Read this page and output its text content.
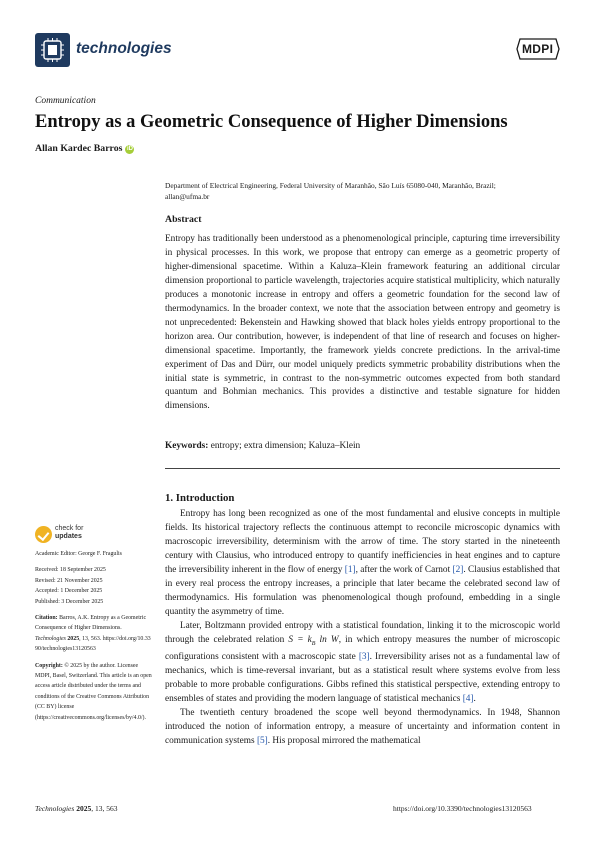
technologies	MDPI
Communication
Entropy as a Geometric Consequence of Higher Dimensions
Allan Kardec Barros iD
Department of Electrical Engineering, Federal University of Maranhão, São Luís 65080-040, Maranhão, Brazil;
allan@ufma.br
Abstract
Entropy has traditionally been understood as a phenomenological principle, capturing time irreversibility in physical processes. In this work, we propose that entropy can emerge as a geometric property of higher-dimensional spacetime. Within a Kaluza–Klein framework featuring an additional circular dimension proportional to particle wavelength, trajectories acquire statistical multiplicity, which naturally produces a monotonic increase in entropy and offers a geometric foundation for the second law of thermodynamics. In the broader context, we note that the association between entropy and geometry is not unprecedented: Bekenstein and Hawking showed that black holes yields entropy proportional to the horizon area. Our contribution, however, is independent of that line of research and focuses on higher-dimensional spacetime. Importantly, the framework yields concrete predictions. In the arrival-time experiment of Das and Dürr, our model uniquely predicts symmetric probability distributions when the initial state is symmetric, in contrast to the non-symmetric outcomes expected from both standard quantum and Bohmian mechanics. This provides a distinctive and testable signature for hidden dimensions.
Keywords: entropy; extra dimension; Kaluza–Klein
1. Introduction

Entropy has long been recognized as one of the most fundamental and elusive concepts in multiple fields. Its historical trajectory reflects the continuous attempt to reconcile microscopic dynamics with macroscopic irreversibility, determinism with the arrow of time. The story started in the nineteenth century with Clausius, who introduced entropy to quantify inefficiencies in heat engines and to capture the irreversibility inherent in the flow of energy [1], after the work of Carnot [2]. Clausius established that in every real process the entropy increases, a principle that later became the celebrated second law of thermodynamics. His formulation was phenomenological though profound, embedding in a single quantity the asymmetry of time.

Later, Boltzmann provided entropy with a statistical foundation, linking it to the microscopic world through the celebrated relation $S = k_B$ ln W, in which entropy measures the number of microscopic configurations consistent with a macroscopic state [3]. Irreversibility arises not as a fundamental law of mechanics, which is time-reversal invariant, but as a statistical result where systems evolve from less probable to more probable configurations. Gibbs refined this statistical perspective, extending entropy to ensembles of states and providing the modern language of statistical mechanics [4].

The twentieth century broadened the scope well beyond thermodynamics. In 1948, Shannon introduced the notion of information entropy, a measure of uncertainty and information content in communication systems [5]. His proposal mirrored the mathematical

check for
updates
Academic Editor: George F. Fragulis
Received: 18 September 2025
Revised: 21 November 2025
Accepted: 1 December 2025
Published: 3 December 2025
Citation: Barros, A.K. Entropy as a Geometric Consequence of Higher Dimensions. Technologies 2025, 13, 563. https://doi.org/10.3390/technologies13120563
Copyright: © 2025 by the author. Licensee MDPI, Basel, Switzerland. This article is an open access article distributed under the terms and conditions of the Creative Commons Attribution (CC BY) license (https://creativecommons.org/licenses/by/4.0/).
Technologies 2025, 13, 563	https://doi.org/10.3390/technologies13120563
